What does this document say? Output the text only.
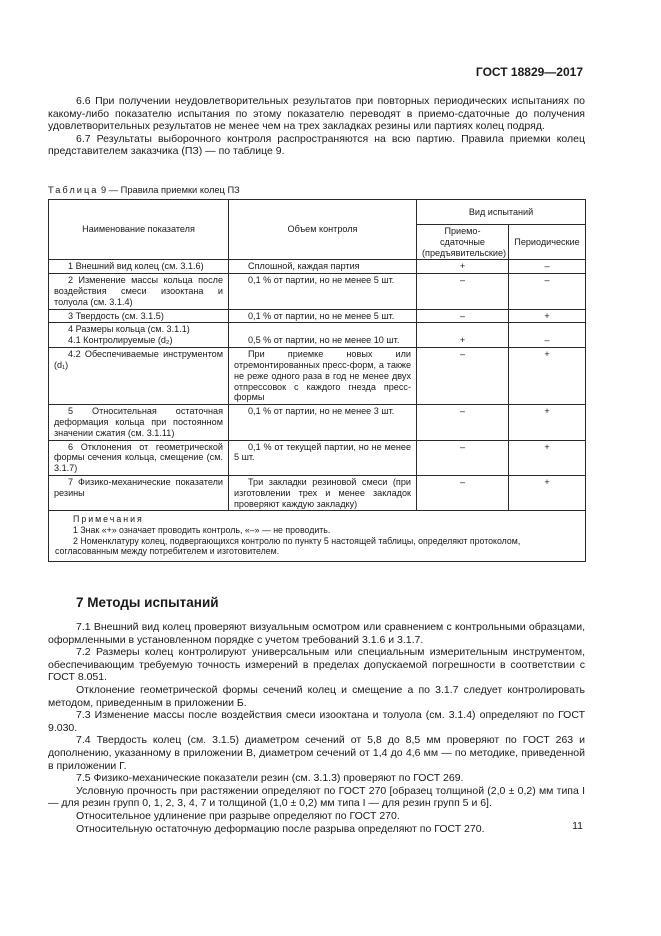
ГОСТ 18829—2017

6.6 При получении неудовлетворительных результатов при повторных периодических испытаниях по какому-либо показателю испытания по этому показателю переводят в приемо-сдаточные до получения удовлетворительных результатов не менее чем на трех закладках резины или партиях колец подряд.

6.7 Результаты выборочного контроля распространяются на всю партию. Правила приемки колец представителем заказчика (ПЗ) — по таблице 9.

Таблица 9 — Правила приемки колец ПЗ
Наименование показателя	Объем контроля	Вид испытаний	
		Приемо-сдаточные (предъявительские)	Периодические
1 Внешний вид колец (см. 3.1.6)	Сплошной, каждая партия	+	–
2 Изменение массы кольца после воздействия смеси изооктана и толуола (см. 3.1.4)	0,1 % от партии, но не менее 5 шт.	–	–
3 Твердость (см. 3.1.5)	0,1 % от партии, но не менее 5 шт.	–	+

4 Размеры кольца (см. 3.1.1)
4.1 Контролируемые (d₂)	0,5 % от партии, но не менее 10 шт.	+	–

4.2 Обеспечиваемые инструментом (d₁)	При приемке новых или отремонтированных пресс-форм, а также не реже одного раза в год не менее двух отпрессовок с каждого гнезда пресс-формы	–	+
5 Относительная остаточная деформация кольца при постоянном значении сжатия (см. 3.1.11)	0,1 % от партии, но не менее 3 шт.	–	+
6 Отклонения от геометрической формы сечения кольца, смещение (см. 3.1.7)	0,1 % от текущей партии, но не менее 5 шт.	–	+
7 Физико-механические показатели резины	Три закладки резиновой смеси (при изготовлении трех и менее закладок проверяют каждую закладку)	–	+

Примечания

1 Знак «+» означает проводить контроль, «–» — не проводить.

2 Номенклатуру колец, подвергающихся контролю по пункту 5 настоящей таблицы, определяют протоколом, согласованным между потребителем и изготовителем.			

7 Методы испытаний

7.1 Внешний вид колец проверяют визуальным осмотром или сравнением с контрольными образцами, оформленными в установленном порядке с учетом требований 3.1.6 и 3.1.7.

7.2 Размеры колец контролируют универсальным или специальным измерительным инструментом, обеспечивающим требуемую точность измерений в пределах допускаемой погрешности в соответствии с ГОСТ 8.051.

Отклонение геометрической формы сечений колец и смещение а по 3.1.7 следует контролировать методом, приведенным в приложении Б.

7.3 Изменение массы после воздействия смеси изооктана и толуола (см. 3.1.4) определяют по ГОСТ 9.030.

7.4 Твердость колец (см. 3.1.5) диаметром сечений от 5,8 до 8,5 мм проверяют по ГОСТ 263 и дополнению, указанному в приложении В, диаметром сечений от 1,4 до 4,6 мм — по методике, приведенной в приложении Г.

7.5 Физико-механические показатели резин (см. 3.1.3) проверяют по ГОСТ 269.

Условную прочность при растяжении определяют по ГОСТ 270 [образец толщиной (2,0 ± 0,2) мм типа I — для резин групп 0, 1, 2, 3, 4, 7 и толщиной (1,0 ± 0,2) мм типа I — для резин групп 5 и 6].

Относительное удлинение при разрыве определяют по ГОСТ 270.

Относительную остаточную деформацию после разрыва определяют по ГОСТ 270.	11
